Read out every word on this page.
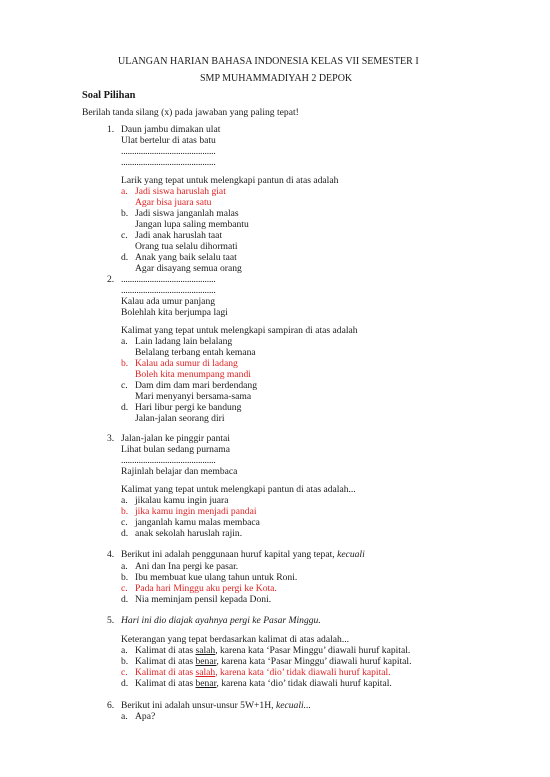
ULANGAN HARIAN BAHASA INDONESIA KELAS VII SEMESTER I
SMP MUHAMMADIYAH 2 DEPOK
Soal Pilihan
Berilah tanda silang (x) pada jawaban yang paling tepat!
1. Daun jambu dimakan ulat
Ulat bertelur di atas batu
...........................................
...........................................
Larik yang tepat untuk melengkapi pantun di atas adalah
a. Jadi siswa haruslah giat
Agar bisa juara satu
b. Jadi siswa janganlah malas
Jangan lupa saling membantu
c. Jadi anak haruslah taat
Orang tua selalu dihormati
d. Anak yang baik selalu taat
Agar disayang semua orang
2. ...........................................
...........................................
Kalau ada umur panjang
Bolehlah kita berjumpa lagi
Kalimat yang tepat untuk melengkapi sampiran di atas adalah
a. Lain ladang lain belalang
Belalang terbang entah kemana
b. Kalau ada sumur di ladang
Boleh kita menumpang mandi
c. Dam dim dam mari berdendang
Mari menyanyi bersama-sama
d. Hari libur pergi ke bandung
Jalan-jalan seorang diri
3. Jalan-jalan ke pinggir pantai
Lihat bulan sedang purnama
...........................................
Rajinlah belajar dan membaca
Kalimat yang tepat untuk melengkapi pantun di atas adalah...
a. jikalau kamu ingin juara
b. jika kamu ingin menjadi pandai
c. janganlah kamu malas membaca
d. anak sekolah haruslah rajin.
4. Berikut ini adalah penggunaan huruf kapital yang tepat, kecuali
a. Ani dan Ina pergi ke pasar.
b. Ibu membuat kue ulang tahun untuk Roni.
c. Pada hari Minggu aku pergi ke Kota.
d. Nia meminjam pensil kepada Doni.
5. Hari ini dio diajak ayahnya pergi ke Pasar Minggu.
Keterangan yang tepat berdasarkan kalimat di atas adalah...
a. Kalimat di atas salah, karena kata ‘Pasar Minggu’ diawali huruf kapital.
b. Kalimat di atas benar, karena kata ‘Pasar Minggu’ diawali huruf kapital.
c. Kalimat di atas salah, karena kata ‘dio’ tidak diawali huruf kapital.
d. Kalimat di atas benar, karena kata ‘dio’ tidak diawali huruf kapital.
6. Berikut ini adalah unsur-unsur 5W+1H, kecuali...
a. Apa?
